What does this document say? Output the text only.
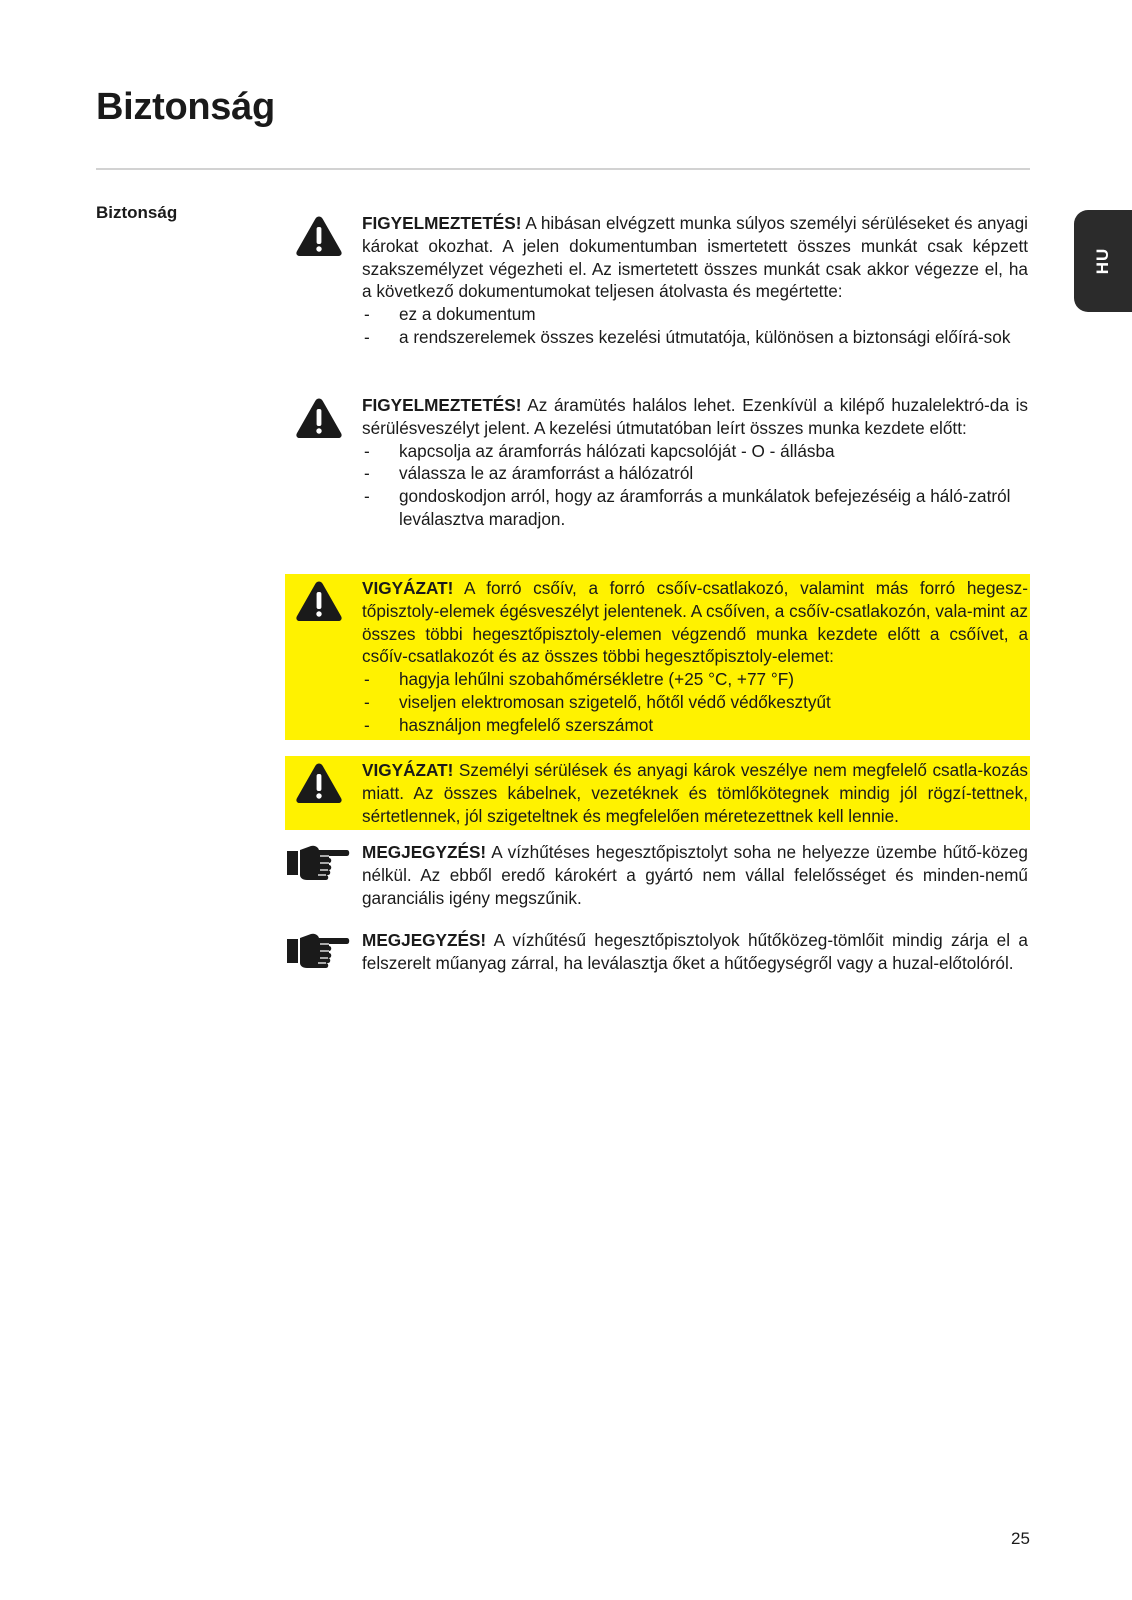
Biztonság
Biztonság
HU

FIGYELMEZTETÉS! A hibásan elvégzett munka súlyos személyi sérüléseket és anyagi károkat okozhat. A jelen dokumentumban ismertetett összes munkát csak képzett szakszemélyzet végezheti el. Az ismertetett összes munkát csak akkor végezze el, ha a következő dokumentumokat teljesen átolvasta és megértette:

- ez a dokumentum
- a rendszerelemek összes kezelési útmutatója, különösen a biztonsági előírá-sok

FIGYELMEZTETÉS! Az áramütés halálos lehet. Ezenkívül a kilépő huzalelektró-da is sérülésveszélyt jelent. A kezelési útmutatóban leírt összes munka kezdete előtt:

- kapcsolja az áramforrás hálózati kapcsolóját - O - állásba
- válassza le az áramforrást a hálózatról
- gondoskodjon arról, hogy az áramforrás a munkálatok befejezéséig a háló-zatról leválasztva maradjon.

VIGYÁZAT! A forró csőív, a forró csőív-csatlakozó, valamint más forró hegesz-tőpisztoly-elemek égésveszélyt jelentenek. A csőíven, a csőív-csatlakozón, vala-mint az összes többi hegesztőpisztoly-elemen végzendő munka kezdete előtt a csőívet, a csőív-csatlakozót és az összes többi hegesztőpisztoly-elemet:

- hagyja lehűlni szobahőmérsékletre (+25 °C, +77 °F)
- viseljen elektromosan szigetelő, hőtől védő védőkesztyűt
- használjon megfelelő szerszámot

VIGYÁZAT! Személyi sérülések és anyagi károk veszélye nem megfelelő csatla-kozás miatt. Az összes kábelnek, vezetéknek és tömlőkötegnek mindig jól rögzí-tettnek, sértetlennek, jól szigeteltnek és megfelelően méretezettnek kell lennie.

MEGJEGYZÉS! A vízhűtéses hegesztőpisztolyt soha ne helyezze üzembe hűtő-közeg nélkül. Az ebből eredő károkért a gyártó nem vállal felelősséget és minden-nemű garanciális igény megszűnik.

MEGJEGYZÉS! A vízhűtésű hegesztőpisztolyok hűtőközeg-tömlőit mindig zárja el a felszerelt műanyag zárral, ha leválasztja őket a hűtőegységről vagy a huzal-előtolóról.

25
